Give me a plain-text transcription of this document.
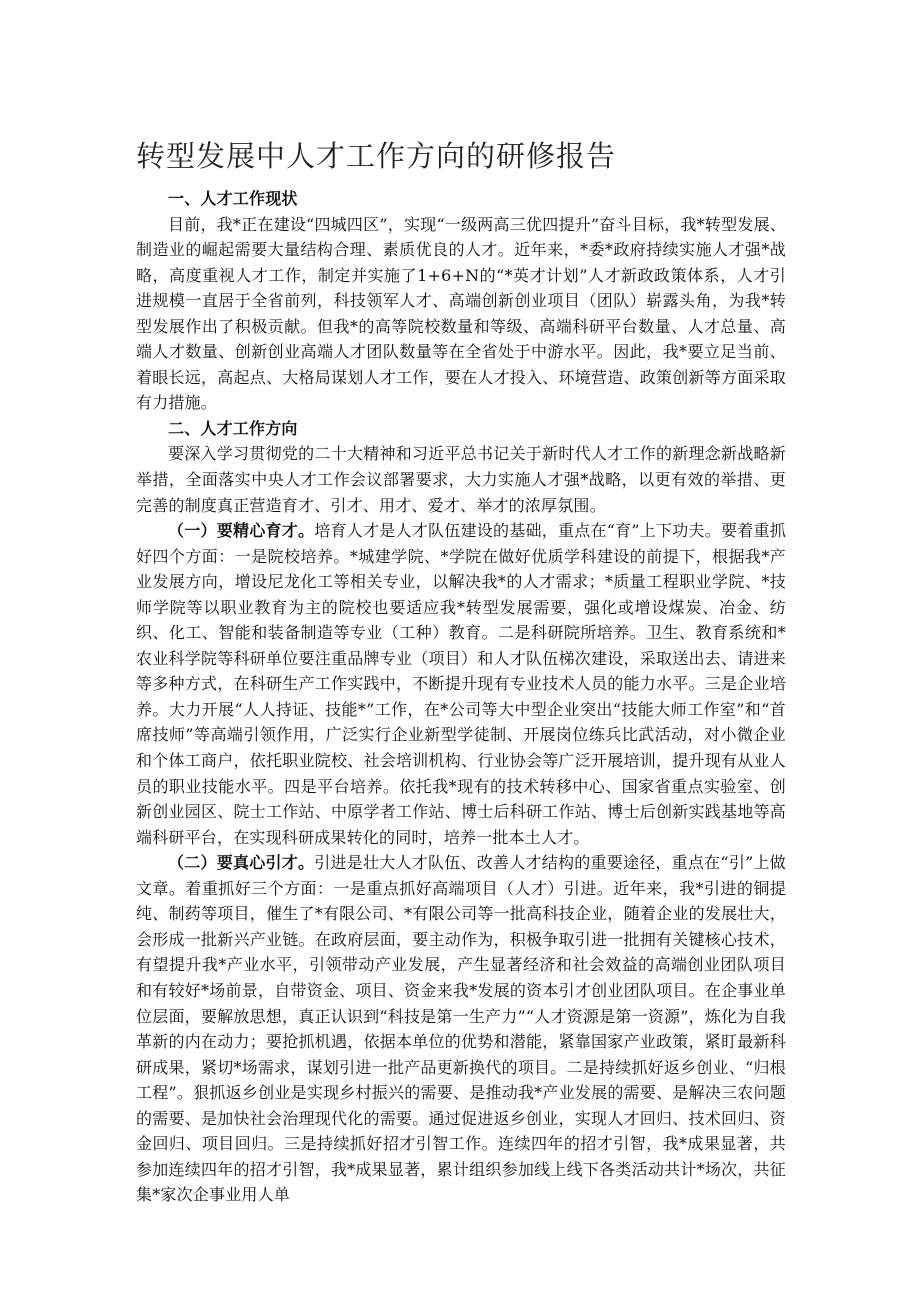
转型发展中人才工作方向的研修报告

一、人才工作现状

目前，我*正在建设“四城四区”，实现“一级两高三优四提升”奋斗目标，我*转型发展、制造业的崛起需要大量结构合理、素质优良的人才。近年来，*委*政府持续实施人才强*战略，高度重视人才工作，制定并实施了1+6+N的“*英才计划”人才新政政策体系，人才引进规模一直居于全省前列，科技领军人才、高端创新创业项目（团队）崭露头角，为我*转型发展作出了积极贡献。但我*的高等院校数量和等级、高端科研平台数量、人才总量、高端人才数量、创新创业高端人才团队数量等在全省处于中游水平。因此，我*要立足当前、着眼长远，高起点、大格局谋划人才工作，要在人才投入、环境营造、政策创新等方面采取有力措施。

二、人才工作方向

要深入学习贯彻党的二十大精神和习近平总书记关于新时代人才工作的新理念新战略新举措，全面落实中央人才工作会议部署要求，大力实施人才强*战略，以更有效的举措、更完善的制度真正营造育才、引才、用才、爱才、举才的浓厚氛围。

（一）要精心育才。培育人才是人才队伍建设的基础，重点在“育”上下功夫。要着重抓好四个方面：一是院校培养。*城建学院、*学院在做好优质学科建设的前提下，根据我*产业发展方向，增设尼龙化工等相关专业，以解决我*的人才需求；*质量工程职业学院、*技师学院等以职业教育为主的院校也要适应我*转型发展需要，强化或增设煤炭、冶金、纺织、化工、智能和装备制造等专业（工种）教育。二是科研院所培养。卫生、教育系统和*农业科学院等科研单位要注重品牌专业（项目）和人才队伍梯次建设，采取送出去、请进来等多种方式，在科研生产工作实践中，不断提升现有专业技术人员的能力水平。三是企业培养。大力开展“人人持证、技能*”工作，在*公司等大中型企业突出“技能大师工作室”和“首席技师”等高端引领作用，广泛实行企业新型学徒制、开展岗位练兵比武活动，对小微企业和个体工商户，依托职业院校、社会培训机构、行业协会等广泛开展培训，提升现有从业人员的职业技能水平。四是平台培养。依托我*现有的技术转移中心、国家省重点实验室、创新创业园区、院士工作站、中原学者工作站、博士后科研工作站、博士后创新实践基地等高端科研平台，在实现科研成果转化的同时，培养一批本土人才。

（二）要真心引才。引进是壮大人才队伍、改善人才结构的重要途径，重点在“引”上做文章。着重抓好三个方面：一是重点抓好高端项目（人才）引进。近年来，我*引进的铜提纯、制药等项目，催生了*有限公司、*有限公司等一批高科技企业，随着企业的发展壮大，会形成一批新兴产业链。在政府层面，要主动作为，积极争取引进一批拥有关键核心技术，有望提升我*产业水平，引领带动产业发展，产生显著经济和社会效益的高端创业团队项目和有较好*场前景，自带资金、项目、资金来我*发展的资本引才创业团队项目。在企事业单位层面，要解放思想，真正认识到“科技是第一生产力”“人才资源是第一资源”，炼化为自我革新的内在动力；要抢抓机遇，依据本单位的优势和潜能，紧靠国家产业政策，紧盯最新科研成果，紧切*场需求，谋划引进一批产品更新换代的项目。二是持续抓好返乡创业、“归根工程”。狠抓返乡创业是实现乡村振兴的需要、是推动我*产业发展的需要、是解决三农问题的需要、是加快社会治理现代化的需要。通过促进返乡创业，实现人才回归、技术回归、资金回归、项目回归。三是持续抓好招才引智工作。连续四年的招才引智，我*成果显著，共参加连续四年的招才引智，我*成果显著，累计组织参加线上线下各类活动共计*场次，共征集*家次企事业用人单
